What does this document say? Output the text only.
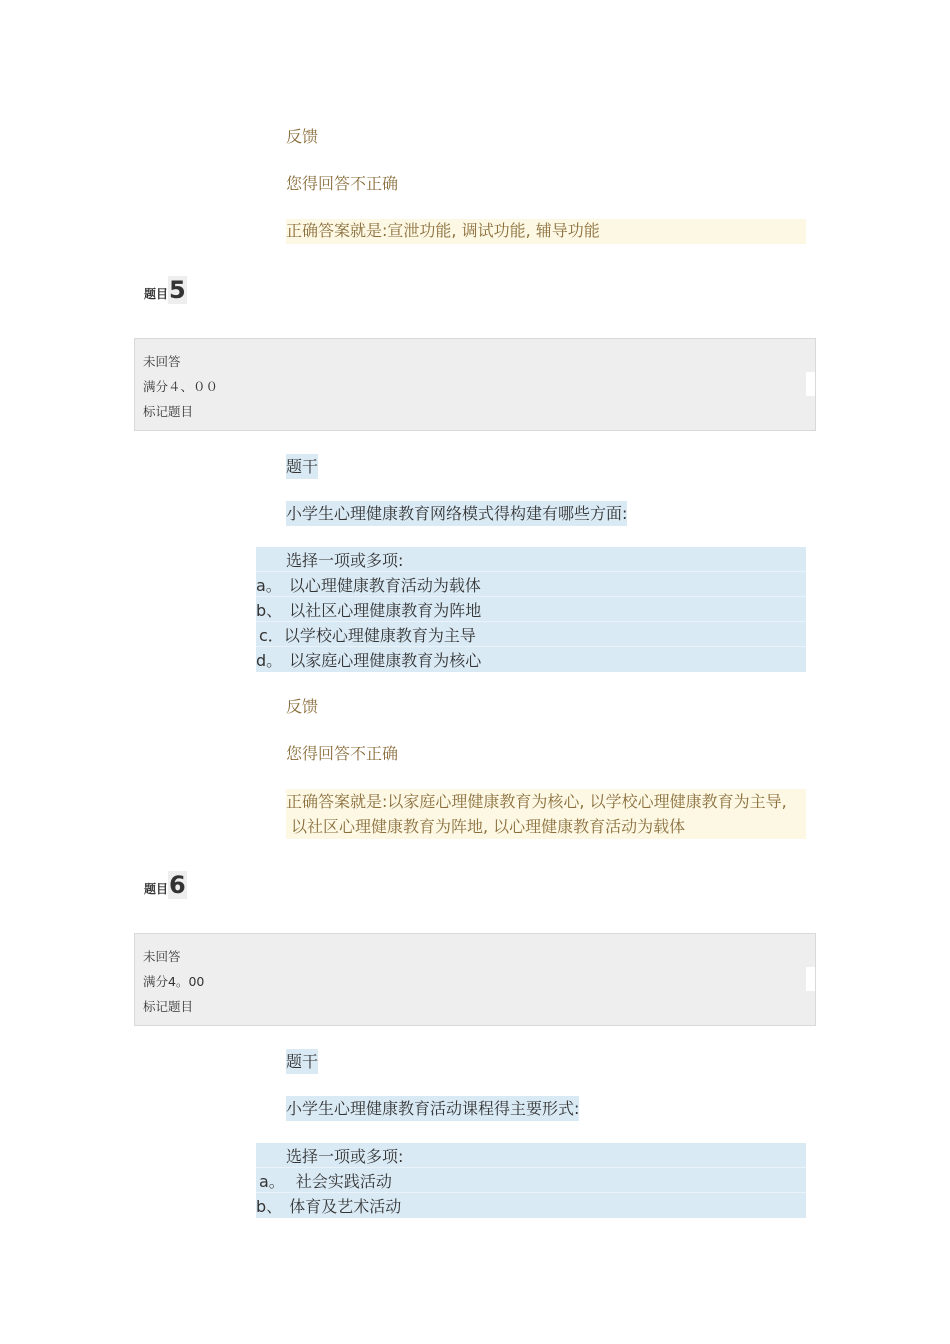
反馈
您得回答不正确
正确答案就是:宣泄功能, 调试功能, 辅导功能
题目5
未回答
满分４、００
标记题目
题干
小学生心理健康教育网络模式得构建有哪些方面:
选择一项或多项:
a。 以心理健康教育活动为载体
b、 以社区心理健康教育为阵地
c．以学校心理健康教育为主导
d。 以家庭心理健康教育为核心
反馈
您得回答不正确
正确答案就是:以家庭心理健康教育为核心, 以学校心理健康教育为主导,
以社区心理健康教育为阵地, 以心理健康教育活动为载体
题目6
未回答
满分4。00
标记题目
题干
小学生心理健康教育活动课程得主要形式:
选择一项或多项:
a。 社会实践活动
b、 体育及艺术活动
